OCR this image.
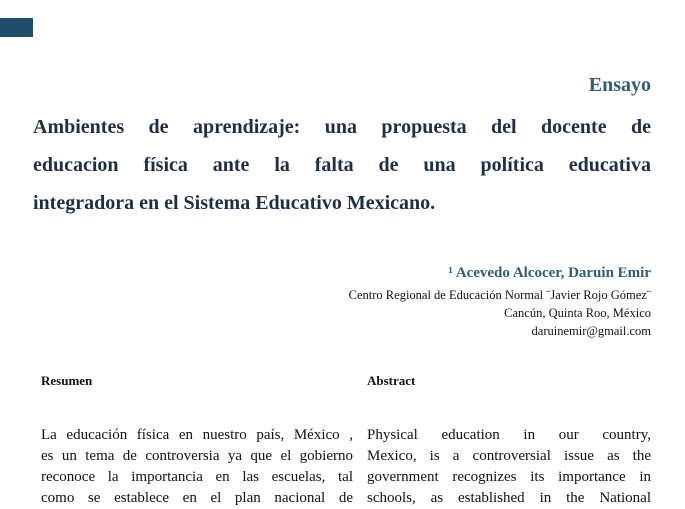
Ensayo
Ambientes de aprendizaje: una propuesta del docente de
educacion física ante la falta de una política educativa
integradora en el Sistema Educativo Mexicano.
¹ Acevedo Alcocer, Daruin Emir
Centro Regional de Educación Normal ¨Javier Rojo Gómez¨
Cancún, Quinta Roo, México
daruinemir@gmail.com
Resumen	Abstract
La educación física en nuestro país, México ,
es un tema de controversia ya que el gobierno
reconoce la importancia en las escuelas, tal
como se establece en el plan nacional de
Physical education in our country,
Mexico, is a controversial issue as the
government recognizes its importance in
schools, as established in the National
